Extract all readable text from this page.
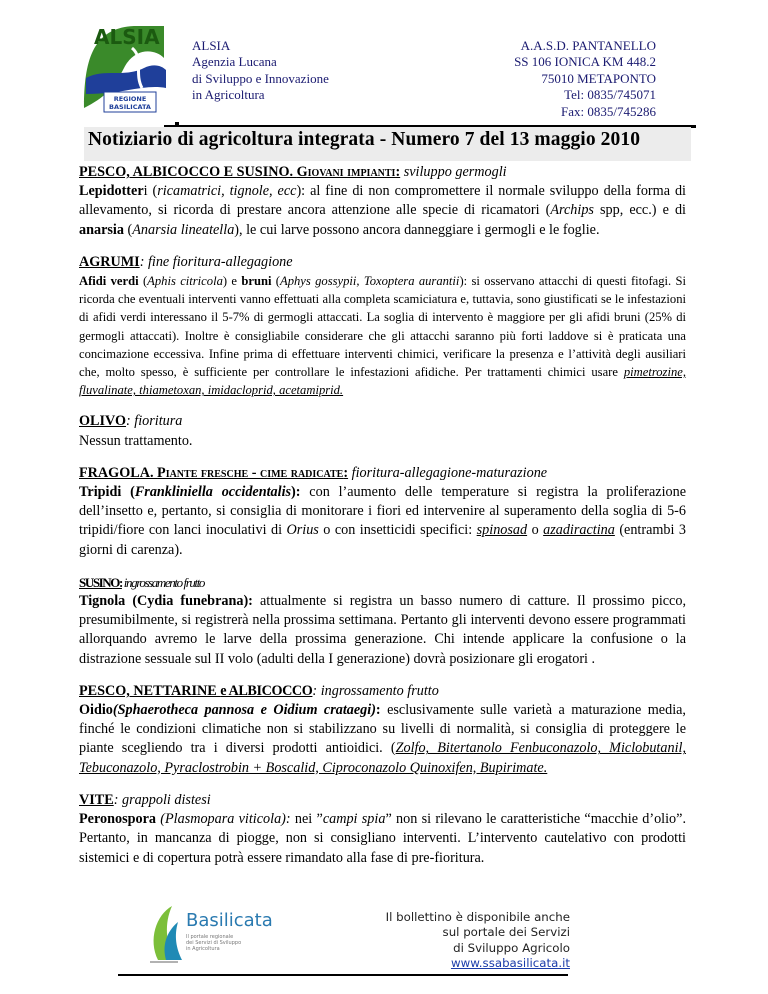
ALSIA
REGIONE
BASILICATA
ALSIA
Agenzia Lucana
di Sviluppo e Innovazione
in Agricoltura
A.A.S.D. PANTANELLO
SS 106 IONICA KM 448.2
75010 METAPONTO
Tel: 0835/745071
Fax: 0835/745286
Notiziario di agricoltura integrata - Numero 7 del 13 maggio 2010

PESCO, ALBICOCCO E SUSINO. Giovani impianti: sviluppo germogli

Lepidotteri (ricamatrici, tignole, ecc): al fine di non compromettere il normale sviluppo della forma di allevamento, si ricorda di prestare ancora attenzione alle specie di ricamatori (Archips spp, ecc.) e di anarsia (Anarsia lineatella), le cui larve possono ancora danneggiare i germogli e le foglie.

AGRUMI: fine fioritura-allegagione

Afidi verdi (Aphis citricola) e bruni (Aphys gossypii, Toxoptera aurantii): si osservano attacchi di questi fitofagi. Si ricorda che eventuali interventi vanno effettuati alla completa scamiciatura e, tuttavia, sono giustificati se le infestazioni di afidi verdi interessano il 5-7% di germogli attaccati. La soglia di intervento è maggiore per gli afidi bruni (25% di germogli attaccati). Inoltre è consigliabile considerare che gli attacchi saranno più forti laddove si è praticata una concimazione eccessiva. Infine prima di effettuare interventi chimici, verificare la presenza e l’attività degli ausiliari che, molto spesso, è sufficiente per controllare le infestazioni afidiche. Per trattamenti chimici usare pimetrozine, fluvalinate, thiametoxan, imidacloprid, acetamiprid.

OLIVO: fioritura

Nessun trattamento.

FRAGOLA. Piante fresche - cime radicate: fioritura-allegagione-maturazione

Tripidi (Frankliniella occidentalis): con l’aumento delle temperature si registra la proliferazione dell’insetto e, pertanto, si consiglia di monitorare i fiori ed intervenire al superamento della soglia di 5-6 tripidi/fiore con lanci inoculativi di Orius o con insetticidi specifici: spinosad o azadiractina (entrambi 3 giorni di carenza).

SUSINO: ingrossamento frutto

Tignola (Cydia funebrana): attualmente si registra un basso numero di catture. Il prossimo picco, presumibilmente, si registrerà nella prossima settimana. Pertanto gli interventi devono essere programmati allorquando avremo le larve della prossima generazione. Chi intende applicare la confusione o la distrazione sessuale sul II volo (adulti della I generazione) dovrà posizionare gli erogatori .

PESCO, NETTARINE e ALBICOCCO: ingrossamento frutto

Oidio(Sphaerotheca pannosa e Oidium crataegi): esclusivamente sulle varietà a maturazione media, finché le condizioni climatiche non si stabilizzano su livelli di normalità, si consiglia di proteggere le piante scegliendo tra i diversi prodotti antioidici. (Zolfo, Bitertanolo Fenbuconazolo, Miclobutanil, Tebuconazolo, Pyraclostrobin + Boscalid, Ciproconazolo Quinoxifen, Bupirimate.

VITE: grappoli distesi

Peronospora (Plasmopara viticola): nei ”campi spia” non si rilevano le caratteristiche “macchie d’olio”. Pertanto, in mancanza di piogge, non si consigliano interventi. L’intervento cautelativo con prodotti sistemici e di copertura potrà essere rimandato alla fase di pre-fioritura.

Basilicata
Il portale regionale
dei Servizi di Sviluppo
in Agricoltura
Il bollettino è disponibile anche
sul portale dei Servizi
di Sviluppo Agricolo
www.ssabasilicata.it
